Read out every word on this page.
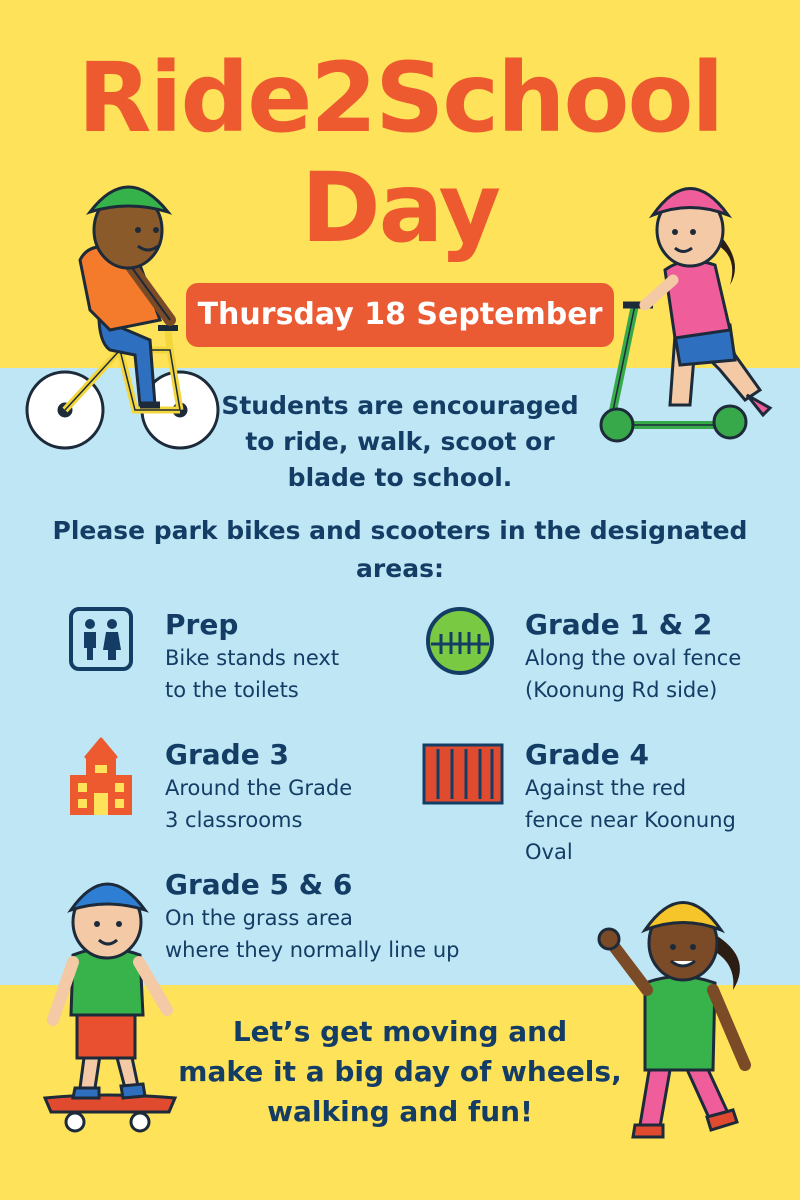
Ride2School
Day
Thursday 18 September
Students are encouraged
to ride, walk, scoot or
blade to school.
Please park bikes and scooters in the designated
areas:
Prep
Bike stands next
to the toilets
Grade 1 & 2
Along the oval fence
(Koonung Rd side)
Grade 3
Around the Grade
3 classrooms
Grade 4
Against the red
fence near Koonung
Oval
Grade 5 & 6
On the grass area
where they normally line up
Let’s get moving and
make it a big day of wheels,
walking and fun!
